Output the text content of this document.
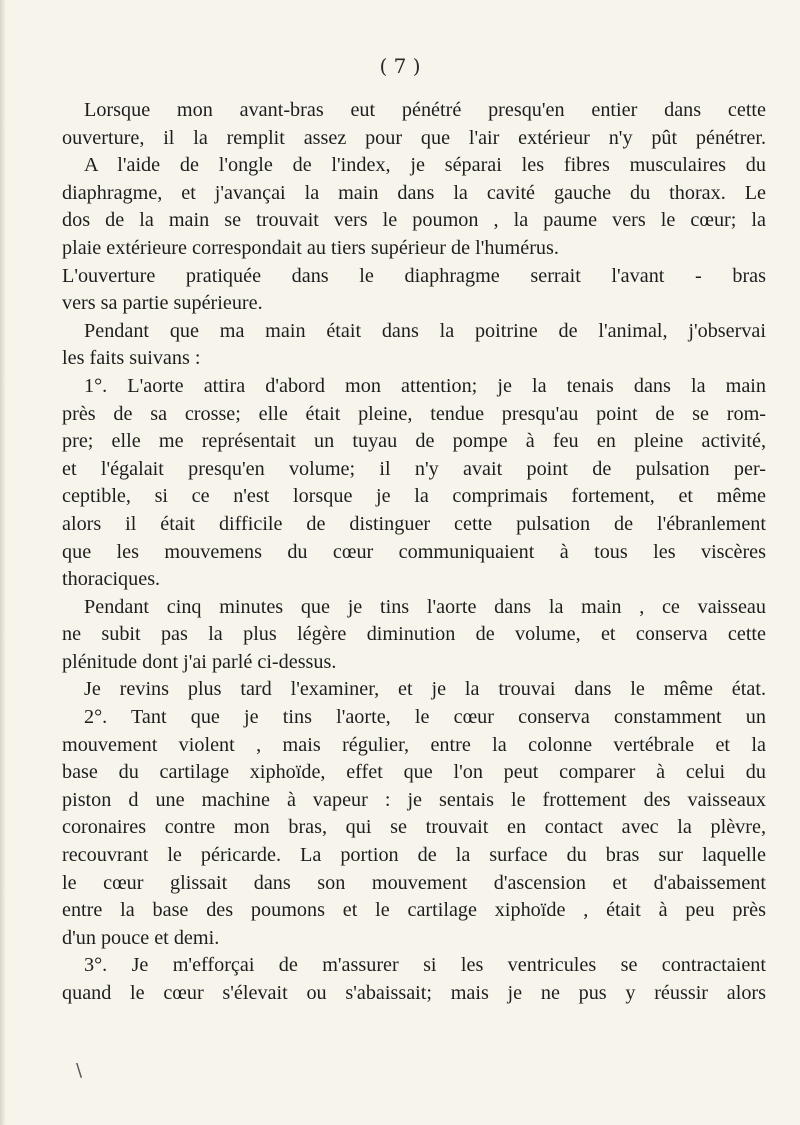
( 7 )

Lorsque mon avant-bras eut pénétré presqu'en entier dans cette

ouverture, il la remplit assez pour que l'air extérieur n'y pût pénétrer.

A l'aide de l'ongle de l'index, je séparai les fibres musculaires du

diaphragme, et j'avançai la main dans la cavité gauche du thorax. Le

dos de la main se trouvait vers le poumon , la paume vers le cœur; la

plaie extérieure correspondait au tiers supérieur de l'humérus.

L'ouverture pratiquée dans le diaphragme serrait l'avant - bras

vers sa partie supérieure.

Pendant que ma main était dans la poitrine de l'animal, j'observai

les faits suivans :

1°. L'aorte attira d'abord mon attention; je la tenais dans la main

près de sa crosse; elle était pleine, tendue presqu'au point de se rom-

pre; elle me représentait un tuyau de pompe à feu en pleine activité,

et l'égalait presqu'en volume; il n'y avait point de pulsation per-

ceptible, si ce n'est lorsque je la comprimais fortement, et même

alors il était difficile de distinguer cette pulsation de l'ébranlement

que les mouvemens du cœur communiquaient à tous les viscères

thoraciques.

Pendant cinq minutes que je tins l'aorte dans la main , ce vaisseau

ne subit pas la plus légère diminution de volume, et conserva cette

plénitude dont j'ai parlé ci-dessus.

Je revins plus tard l'examiner, et je la trouvai dans le même état.

2°. Tant que je tins l'aorte, le cœur conserva constamment un

mouvement violent , mais régulier, entre la colonne vertébrale et la

base du cartilage xiphoïde, effet que l'on peut comparer à celui du

piston d une machine à vapeur : je sentais le frottement des vaisseaux

coronaires contre mon bras, qui se trouvait en contact avec la plèvre,

recouvrant le péricarde. La portion de la surface du bras sur laquelle

le cœur glissait dans son mouvement d'ascension et d'abaissement

entre la base des poumons et le cartilage xiphoïde , était à peu près

d'un pouce et demi.

3°. Je m'efforçai de m'assurer si les ventricules se contractaient

quand le cœur s'élevait ou s'abaissait; mais je ne pus y réussir alors

\
